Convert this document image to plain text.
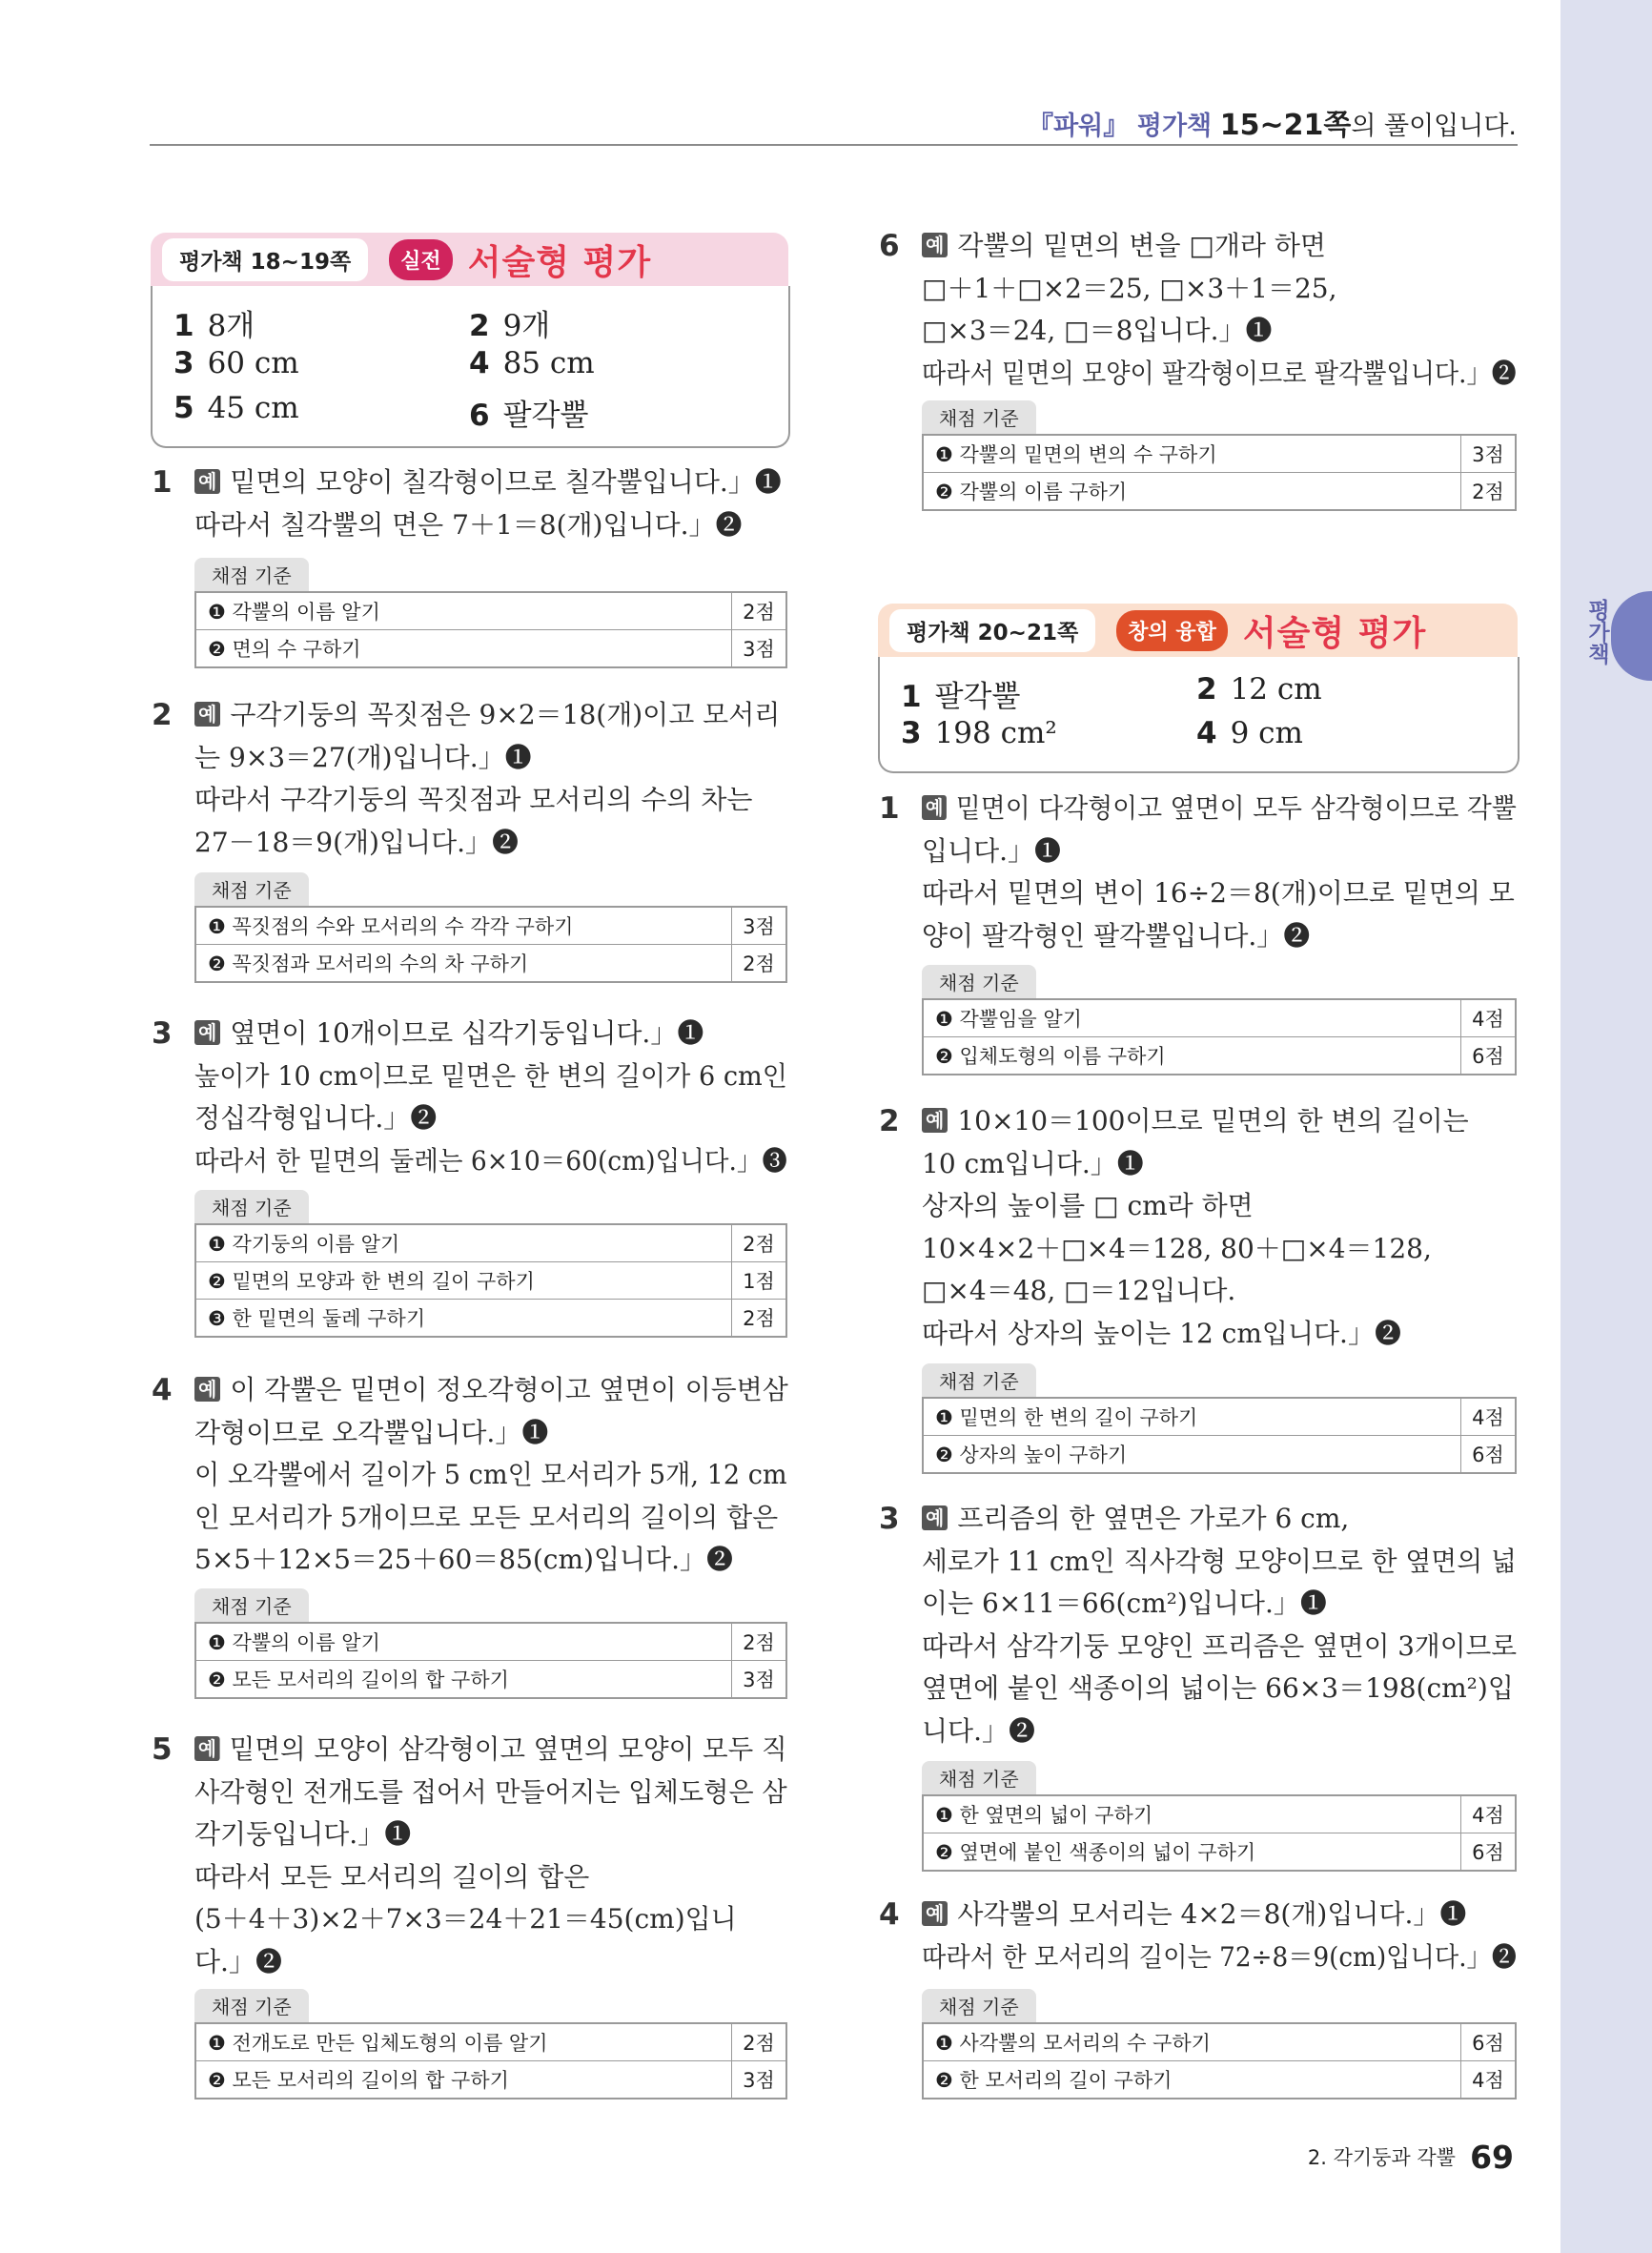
평가책
『파워』 평가책 15~21쪽의 풀이입니다.
평가책 18~19쪽	실전 서술형 평가
1 8개	2 9개
3 60 cm	4 85 cm
5 45 cm	6 팔각뿔
평가책 20~21쪽	창의 융합 서술형 평가
1 팔각뿔	2 12 cm
3 198 cm²	4 9 cm
1 예 밑면의 모양이 칠각형이므로 칠각뿔입니다.」❶
따라서 칠각뿔의 면은 7＋1＝8(개)입니다.」❷
채점 기준
❶ 각뿔의 이름 알기	2점
❷ 면의 수 구하기	3점
2 예 구각기둥의 꼭짓점은 9×2＝18(개)이고 모서리
는 9×3＝27(개)입니다.」❶
따라서 구각기둥의 꼭짓점과 모서리의 수의 차는
27－18＝9(개)입니다.」❷
채점 기준
❶ 꼭짓점의 수와 모서리의 수 각각 구하기	3점
❷ 꼭짓점과 모서리의 수의 차 구하기	2점
3 예 옆면이 10개이므로 십각기둥입니다.」❶
높이가 10 cm이므로 밑면은 한 변의 길이가 6 cm인
정십각형입니다.」❷
따라서 한 밑면의 둘레는 6×10＝60(cm)입니다.」❸
채점 기준
❶ 각기둥의 이름 알기	2점
❷ 밑면의 모양과 한 변의 길이 구하기	1점
❸ 한 밑면의 둘레 구하기	2점
4 예 이 각뿔은 밑면이 정오각형이고 옆면이 이등변삼
각형이므로 오각뿔입니다.」❶
이 오각뿔에서 길이가 5 cm인 모서리가 5개, 12 cm
인 모서리가 5개이므로 모든 모서리의 길이의 합은
5×5＋12×5＝25＋60＝85(cm)입니다.」❷
채점 기준
❶ 각뿔의 이름 알기	2점
❷ 모든 모서리의 길이의 합 구하기	3점
5 예 밑면의 모양이 삼각형이고 옆면의 모양이 모두 직
사각형인 전개도를 접어서 만들어지는 입체도형은 삼
각기둥입니다.」❶
따라서 모든 모서리의 길이의 합은
(5＋4＋3)×2＋7×3＝24＋21＝45(cm)입니
다.」❷
채점 기준
❶ 전개도로 만든 입체도형의 이름 알기	2점
❷ 모든 모서리의 길이의 합 구하기	3점
6 예 각뿔의 밑면의 변을 □개라 하면
□＋1＋□×2＝25, □×3＋1＝25,
□×3＝24, □＝8입니다.」❶
따라서 밑면의 모양이 팔각형이므로 팔각뿔입니다.」❷
채점 기준
❶ 각뿔의 밑면의 변의 수 구하기	3점
❷ 각뿔의 이름 구하기	2점
1 예 밑면이 다각형이고 옆면이 모두 삼각형이므로 각뿔
입니다.」❶
따라서 밑면의 변이 16÷2＝8(개)이므로 밑면의 모
양이 팔각형인 팔각뿔입니다.」❷
채점 기준
❶ 각뿔임을 알기	4점
❷ 입체도형의 이름 구하기	6점
2 예 10×10＝100이므로 밑면의 한 변의 길이는
10 cm입니다.」❶
상자의 높이를 □ cm라 하면
10×4×2＋□×4＝128, 80＋□×4＝128,
□×4＝48, □＝12입니다.
따라서 상자의 높이는 12 cm입니다.」❷
채점 기준
❶ 밑면의 한 변의 길이 구하기	4점
❷ 상자의 높이 구하기	6점
3 예 프리즘의 한 옆면은 가로가 6 cm,
세로가 11 cm인 직사각형 모양이므로 한 옆면의 넓
이는 6×11＝66(cm²)입니다.」❶
따라서 삼각기둥 모양인 프리즘은 옆면이 3개이므로
옆면에 붙인 색종이의 넓이는 66×3＝198(cm²)입
니다.」❷
채점 기준
❶ 한 옆면의 넓이 구하기	4점
❷ 옆면에 붙인 색종이의 넓이 구하기	6점
4 예 사각뿔의 모서리는 4×2＝8(개)입니다.」❶
따라서 한 모서리의 길이는 72÷8＝9(cm)입니다.」❷
채점 기준
❶ 사각뿔의 모서리의 수 구하기	6점
❷ 한 모서리의 길이 구하기	4점
2. 각기둥과 각뿔 69
